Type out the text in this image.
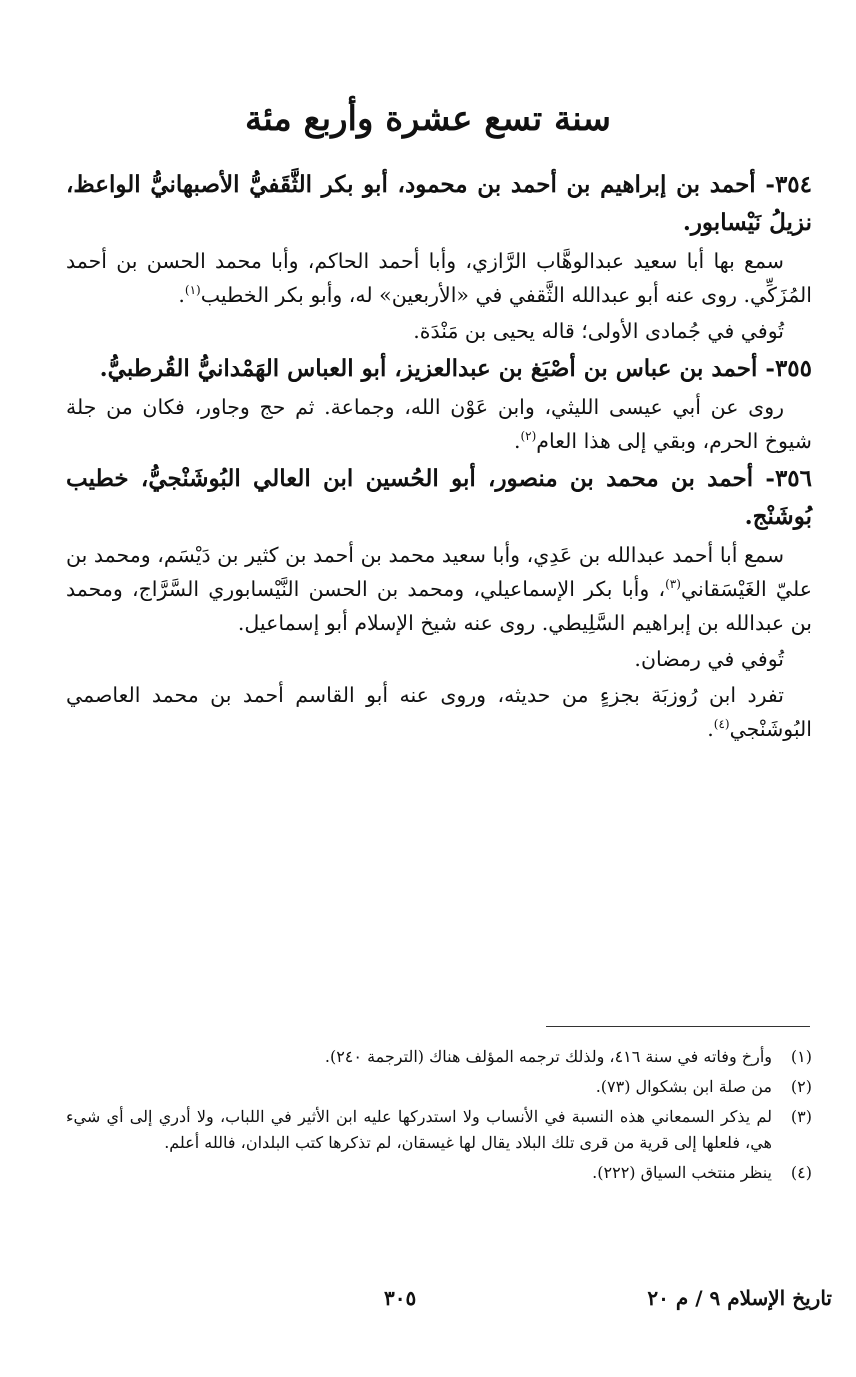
سنة تسع عشرة وأربع مئة

٣٥٤- أحمد بن إبراهيم بن أحمد بن محمود، أبو بكر الثَّقَفيُّ الأصبهانيُّ الواعظ، نزيلُ نَيْسابور.

سمع بها أبا سعيد عبدالوهَّاب الرَّازي، وأبا أحمد الحاكم، وأبا محمد الحسن بن أحمد المُزَكِّي. روى عنه أبو عبدالله الثَّقفي في «الأربعين» له، وأبو بكر الخطيب$^{(١)}$.

تُوفي في جُمادى الأولى؛ قاله يحيى بن مَنْدَة.

٣٥٥- أحمد بن عباس بن أصْبَغ بن عبدالعزيز، أبو العباس الهَمْدانيُّ القُرطبيُّ.

روى عن أبي عيسى الليثي، وابن عَوْن الله، وجماعة. ثم حج وجاور، فكان من جلة شيوخ الحرم، وبقي إلى هذا العام$^{(٢)}$.

٣٥٦- أحمد بن محمد بن منصور، أبو الحُسين ابن العالي البُوشَنْجيُّ، خطيب بُوشَنْج.

سمع أبا أحمد عبدالله بن عَدِي، وأبا سعيد محمد بن أحمد بن كثير بن دَيْسَم، ومحمد بن عليّ الغَيْسَقاني$^{(٣)}$، وأبا بكر الإسماعيلي، ومحمد بن الحسن النَّيْسابوري السَّرَّاج، ومحمد بن عبدالله بن إبراهيم السَّلِيطي. روى عنه شيخ الإسلام أبو إسماعيل.

تُوفي في رمضان.

تفرد ابن رُوزبَة بجزءٍ من حديثه، وروى عنه أبو القاسم أحمد بن محمد العاصمي البُوشَنْجي$^{(٤)}$.

(١)
وأرخ وفاته في سنة ٤١٦، ولذلك ترجمه المؤلف هناك (الترجمة ٢٤٠).
(٢)
من صلة ابن بشكوال (٧٣).
(٣)
لم يذكر السمعاني هذه النسبة في الأنساب ولا استدركها عليه ابن الأثير في اللباب، ولا أدري إلى أي شيء هي، فلعلها إلى قرية من قرى تلك البلاد يقال لها غيسقان، لم تذكرها كتب البلدان، فالله أعلم.
(٤)
ينظر منتخب السياق (٢٢٢).
تاريخ الإسلام ٩ / م ٢٠
٣٠٥
